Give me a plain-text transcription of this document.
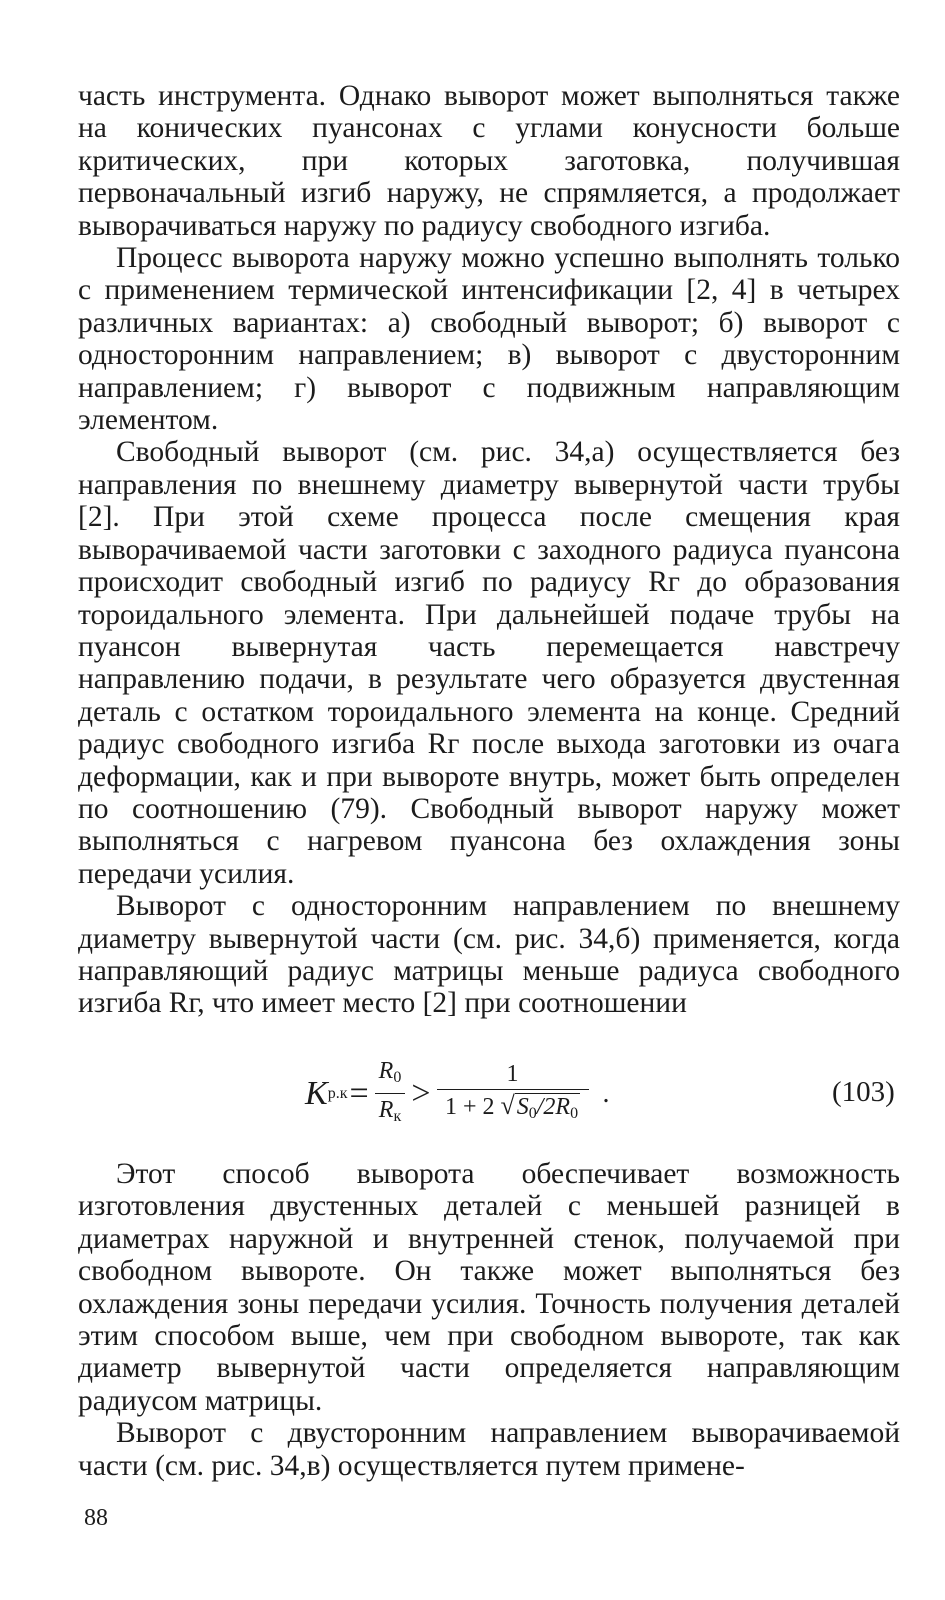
часть инструмента. Однако выворот может выполняться также на конических пуансонах с углами конусности больше критических, при которых заготовка, получившая первоначальный изгиб наружу, не спрямляется, а продолжает выворачиваться наружу по радиусу свободного изгиба.

Процесс выворота наружу можно успешно выполнять только с применением термической интенсификации [2, 4] в четырех различных вариантах: а) свободный выворот; б) выворот с односторонним направлением; в) выворот с двусторонним направлением; г) выворот с подвижным направляющим элементом.

Свободный выворот (см. рис. 34,а) осуществляется без направления по внешнему диаметру вывернутой части трубы [2]. При этой схеме процесса после смещения края выворачиваемой части заготовки с заходного радиуса пуансона происходит свободный изгиб по радиусу Rг до образования тороидального элемента. При дальнейшей подаче трубы на пуансон вывернутая часть перемещается навстречу направлению подачи, в результате чего образуется двустенная деталь с остатком тороидального элемента на конце. Средний радиус свободного изгиба Rг после выхода заготовки из очага деформации, как и при вывороте внутрь, может быть определен по соотношению (79). Свободный выворот наружу может выполняться с нагревом пуансона без охлаждения зоны передачи усилия.

Выворот с односторонним направлением по внешнему диаметру вывернутой части (см. рис. 34,б) применяется, когда направляющий радиус матрицы меньше радиуса свободного изгиба Rг, что имеет место [2] при соотношении

K $р.к = \frac{R_0}{R_к} > \frac{1}{1 + 2 √S_0/2R_0}$ .	(103)

Этот способ выворота обеспечивает возможность изготовления двустенных деталей с меньшей разницей в диаметрах наружной и внутренней стенок, получаемой при свободном вывороте. Он также может выполняться без охлаждения зоны передачи усилия. Точность получения деталей этим способом выше, чем при свободном вывороте, так как диаметр вывернутой части определяется направляющим радиусом матрицы.

Выворот с двусторонним направлением выворачиваемой части (см. рис. 34,в) осуществляется путем примене-

88
